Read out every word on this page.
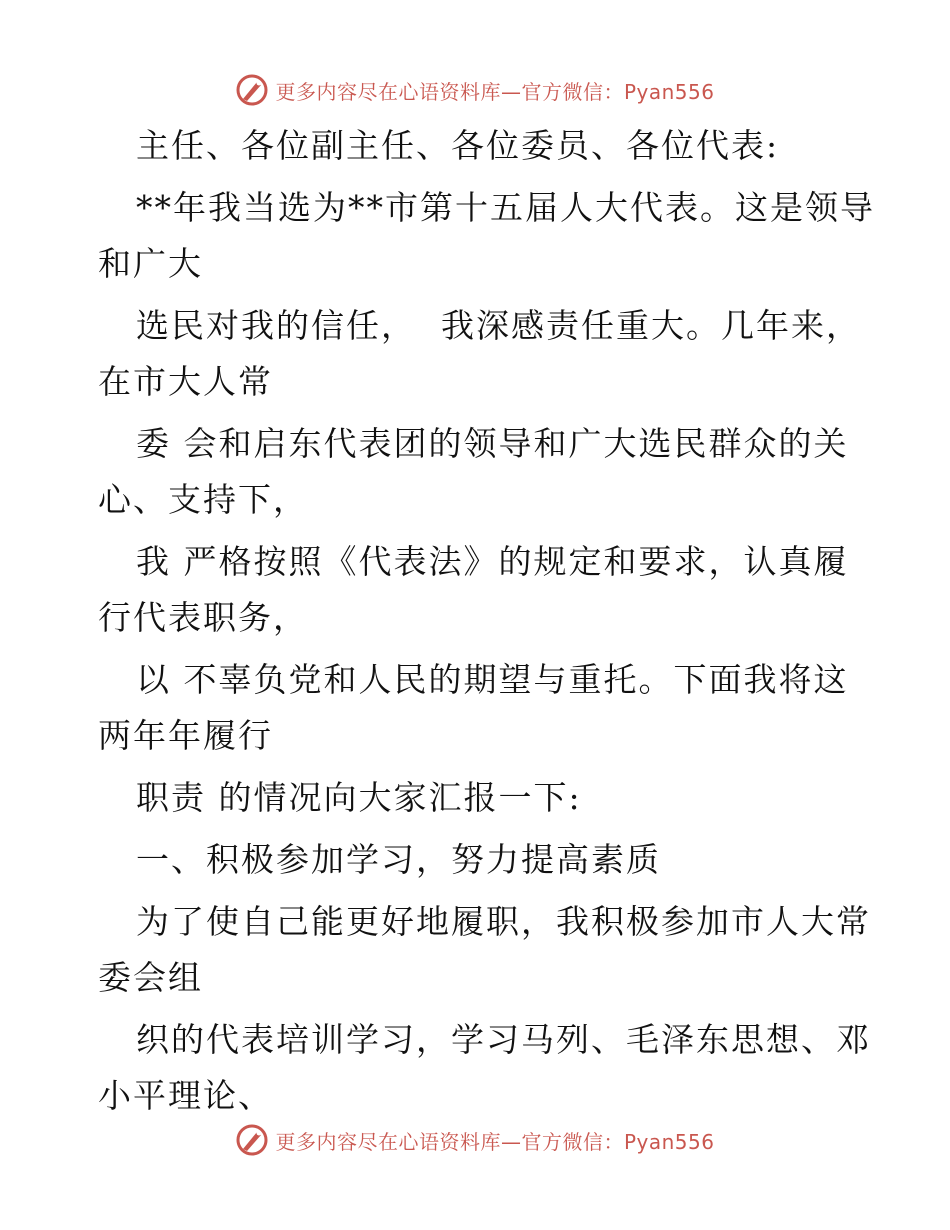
更多内容尽在心语资料库—官方微信：Pyan556
主任、各位副主任、各位委员、各位代表:
**年我当选为**市第十五届人大代表。这是领导
和广大
选民对我的信任，  我深感责任重大。几年来，
在市大人常
委 会和启东代表团的领导和广大选民群众的关
心、支持下，
我 严格按照《代表法》的规定和要求，认真履
行代表职务，
以 不辜负党和人民的期望与重托。下面我将这
两年年履行
职责 的情况向大家汇报一下:
一、积极参加学习，努力提高素质
为了使自己能更好地履职，我积极参加市人大常
委会组
织的代表培训学习，学习马列、毛泽东思想、邓
小平理论、
更多内容尽在心语资料库—官方微信：Pyan556
